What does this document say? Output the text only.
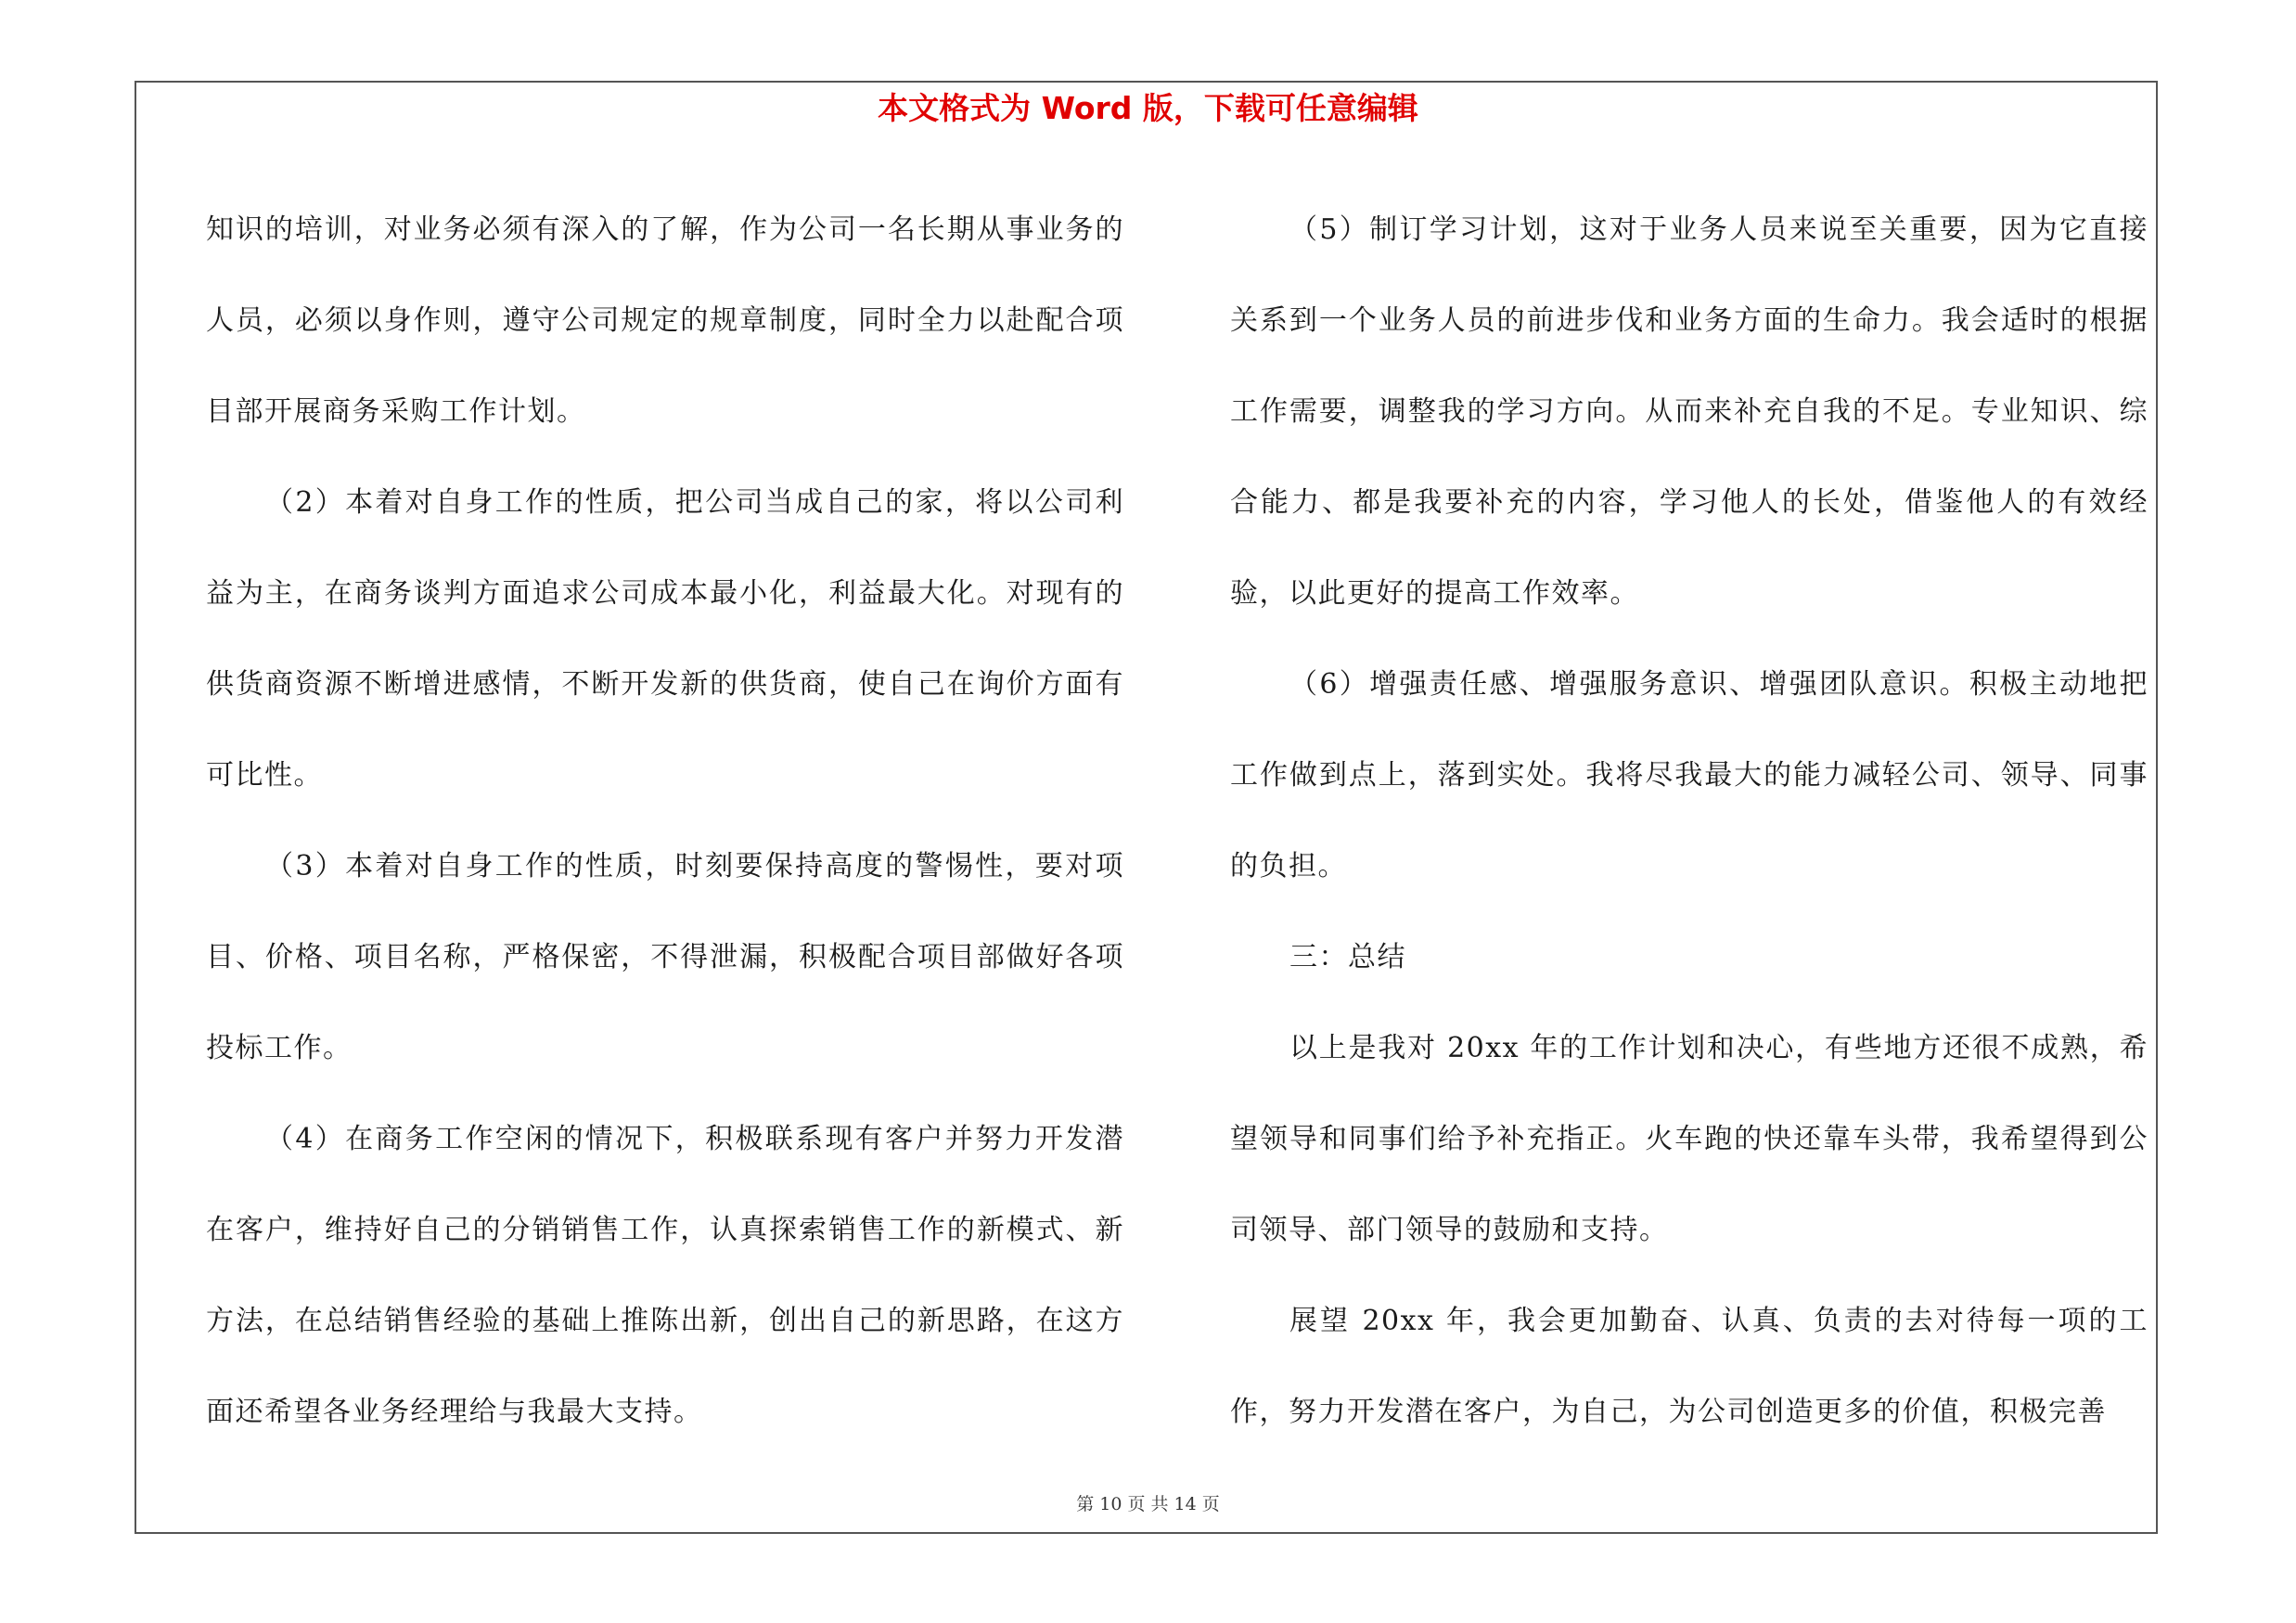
本文格式为 Word 版，下载可任意编辑

知识的培训，对业务必须有深入的了解，作为公司一名长期从事业务的人员，必须以身作则，遵守公司规定的规章制度，同时全力以赴配合项目部开展商务采购工作计划。

（2）本着对自身工作的性质，把公司当成自己的家，将以公司利益为主，在商务谈判方面追求公司成本最小化，利益最大化。对现有的供货商资源不断增进感情，不断开发新的供货商，使自己在询价方面有可比性。

（3）本着对自身工作的性质，时刻要保持高度的警惕性，要对项目、价格、项目名称，严格保密，不得泄漏，积极配合项目部做好各项投标工作。

（4）在商务工作空闲的情况下，积极联系现有客户并努力开发潜在客户，维持好自己的分销销售工作，认真探索销售工作的新模式、新方法，在总结销售经验的基础上推陈出新，创出自己的新思路，在这方面还希望各业务经理给与我最大支持。

（5）制订学习计划，这对于业务人员来说至关重要，因为它直接关系到一个业务人员的前进步伐和业务方面的生命力。我会适时的根据工作需要，调整我的学习方向。从而来补充自我的不足。专业知识、综合能力、都是我要补充的内容，学习他人的长处，借鉴他人的有效经验，以此更好的提高工作效率。

（6）增强责任感、增强服务意识、增强团队意识。积极主动地把工作做到点上，落到实处。我将尽我最大的能力减轻公司、领导、同事的负担。

三：总结

以上是我对 20xx 年的工作计划和决心，有些地方还很不成熟，希望领导和同事们给予补充指正。火车跑的快还靠车头带，我希望得到公司领导、部门领导的鼓励和支持。

展望 20xx 年，我会更加勤奋、认真、负责的去对待每一项的工作，努力开发潜在客户，为自己，为公司创造更多的价值，积极完善

第 10 页 共 14 页
